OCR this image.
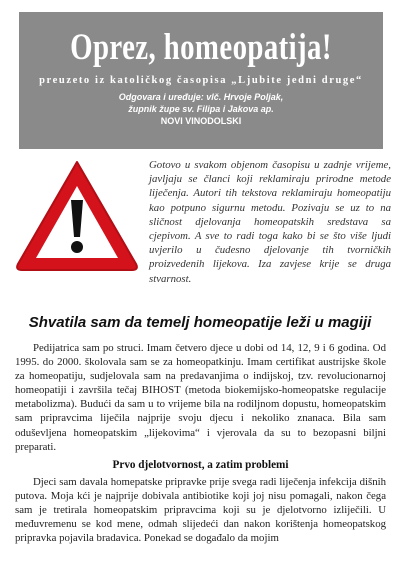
Oprez, homeopatija!
preuzeto iz katoličkog časopisa „Ljubite jedni druge“
Odgovara i uređuje: vlč. Hrvoje Poljak,
župnik župe sv. Filipa i Jakova ap.
NOVI VINODOLSKI
Gotovo u svakom objenom časopisu u zadnje vrijeme, javljaju se članci koji reklamiraju prirodne metode liječenja. Autori tih tekstova reklamiraju homeopatiju kao potpuno sigurnu metodu. Pozivaju se uz to na sličnost djelovanja homeopatskih sredstava sa cjepivom. A sve to radi toga kako bi se što više ljudi uvjerilo u čudesno djelovanje tih tvorničkih proizvedenih lijekova. Iza zavjese krije se druga stvarnost.
Shvatila sam da temelj homeopatije leži u magiji

Pedijatrica sam po struci. Imam četvero djece u dobi od 14, 12, 9 i 6 godina. Od 1995. do 2000. školovala sam se za homeopatkinju. Imam certifikat austrijske škole za homeopatiju, sudjelovala sam na predavanjima o indijskoj, tzv. revolucionarnoj homeopatiji i završila tečaj BIHOST (metoda biokemijsko-homeopatske regulacije metabolizma). Budući da sam u to vrijeme bila na rodiljnom dopustu, homeopatskim sam pripravcima liječila najprije svoju djecu i nekoliko znanaca. Bila sam oduševljena homeopatskim „lijekovima“ i vjerovala da su to bezopasni biljni preparati.

Prvo djelotvornost, a zatim problemi

Djeci sam davala homepatske pripravke prije svega radi liječenja infekcija dišnih putova. Moja kći je najprije dobivala antibiotike koji joj nisu pomagali, nakon čega sam je tretirala homeopatskim pripravcima koji su je djelotvorno izliječili. U međuvremenu se kod mene, odmah slijedeći dan nakon korištenja homeopatskog pripravka pojavila bradavica. Ponekad se događalo da mojim
